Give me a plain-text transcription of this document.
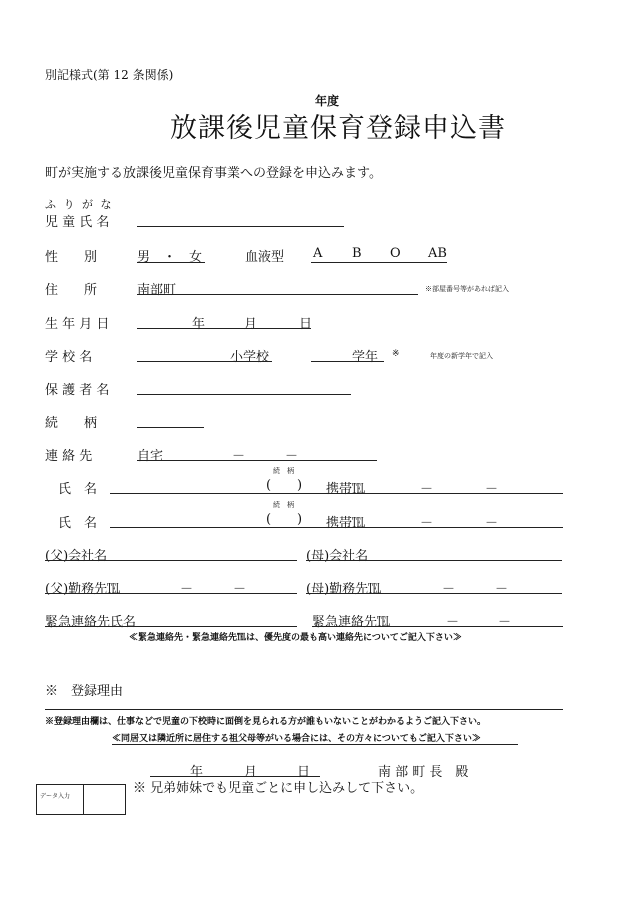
別記様式(第 12 条関係)
年度
放課後児童保育登録申込書
町が実施する放課後児童保育事業への登録を申込みます。
ふ り が な
児 童 氏 名
性　　別	男　・　女	血液型 A B O AB
住　　所	南部町	※部屋番号等があれば記入
生 年 月 日	年	月	日
学 校 名	小学校	学年 ※	年度の新学年で記入
保 護 者 名
続　　柄
連 絡 先	自宅	－	－
続　柄
氏　名	( ) 携帯℡	－	－
続　柄
氏　名	( ) 携帯℡	－	－
(父)会社名	(母)会社名
(父)勤務先℡	－	－	(母)勤務先℡	－	－
緊急連絡先氏名	緊急連絡先℡	－	－
≪緊急連絡先・緊急連絡先℡は、優先度の最も高い連絡先についてご記入下さい≫
※　登録理由
※登録理由欄は、仕事などで児童の下校時に面倒を見られる方が誰もいないことがわかるようご記入下さい。
≪同居又は隣近所に居住する祖父母等がいる場合には、その方々についてもご記入下さい≫
年	月	日	南 部 町 長　殿
※ 兄弟姉妹でも児童ごとに申し込みして下さい。
データ入力
